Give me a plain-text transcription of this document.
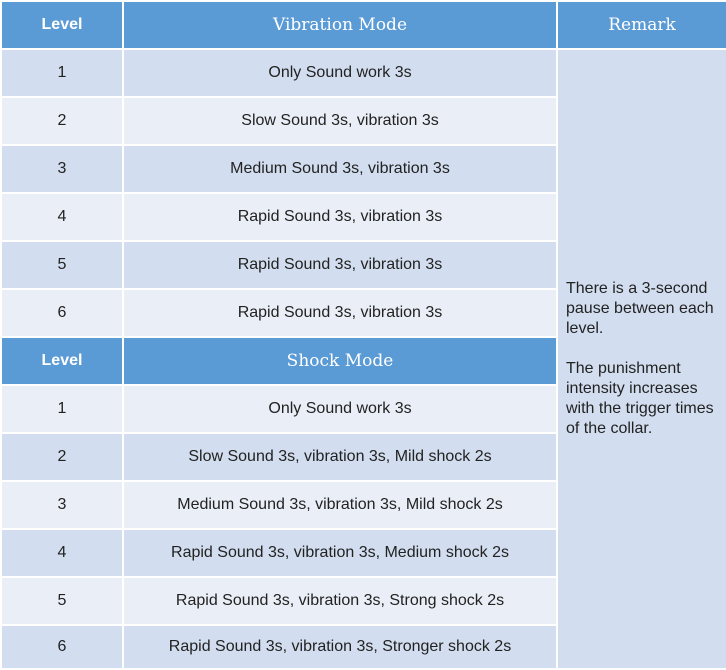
Level	Vibration Mode	Remark
1	Only Sound work 3s	There is a 3-second pause between each level.

The punishment intensity increases with the trigger times of the collar.

2	Slow Sound 3s, vibration 3s	
3	Medium Sound 3s, vibration 3s	
4	Rapid Sound 3s, vibration 3s	
5	Rapid Sound 3s, vibration 3s	
6	Rapid Sound 3s, vibration 3s	
Level	Shock Mode	
1	Only Sound work 3s	
2	Slow Sound 3s, vibration 3s, Mild shock 2s	
3	Medium Sound 3s, vibration 3s, Mild shock 2s	
4	Rapid Sound 3s, vibration 3s, Medium shock 2s	
5	Rapid Sound 3s, vibration 3s, Strong shock 2s	
6	Rapid Sound 3s, vibration 3s, Stronger shock 2s	
